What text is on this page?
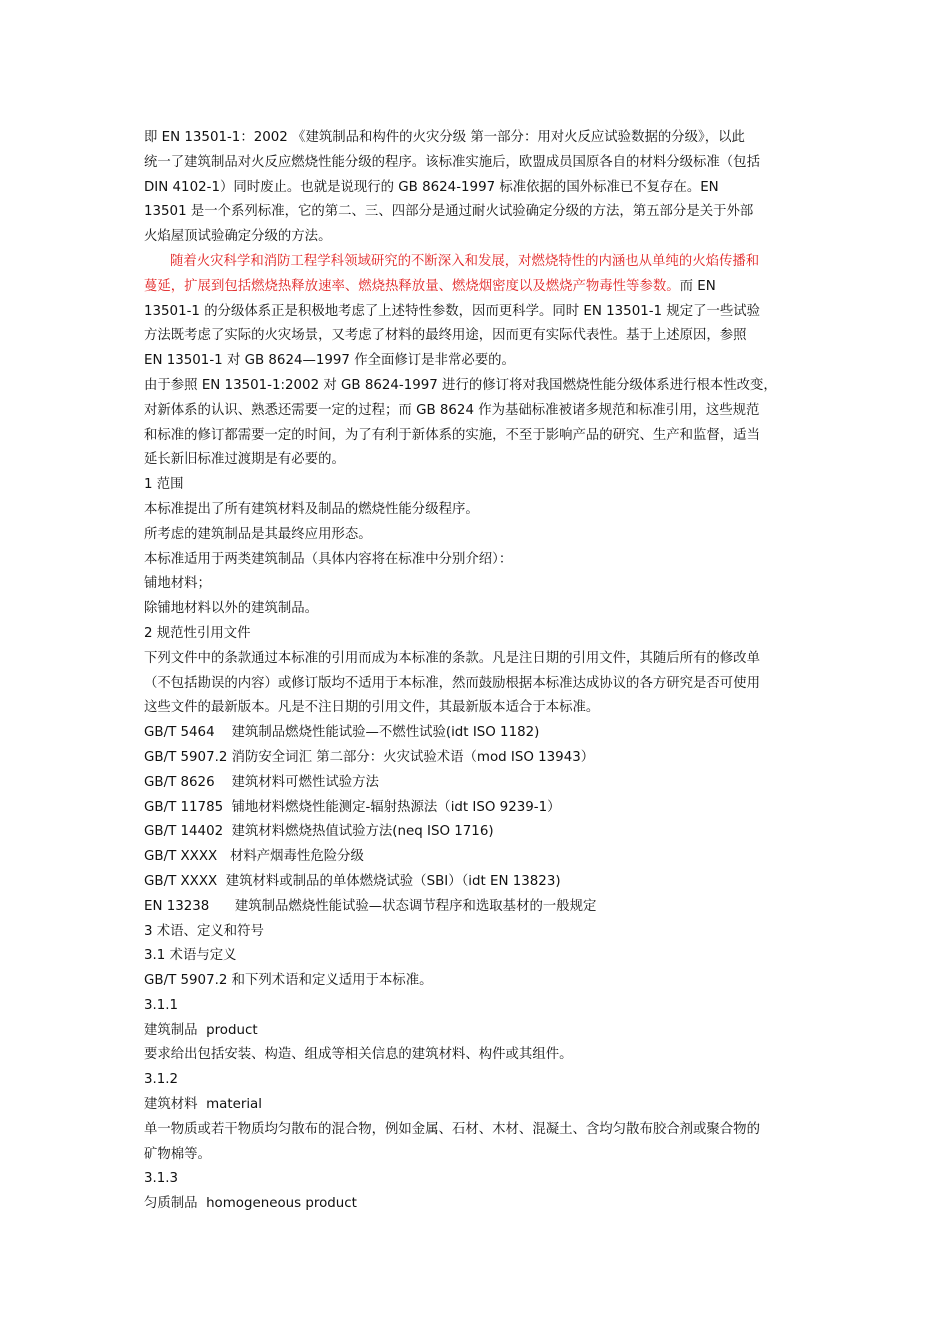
即 EN 13501-1：2002 《建筑制品和构件的火灾分级 第一部分：用对火反应试验数据的分级》，以此
统一了建筑制品对火反应燃烧性能分级的程序。该标准实施后，欧盟成员国原各自的材料分级标准（包括
DIN 4102-1）同时废止。也就是说现行的 GB 8624-1997 标准依据的国外标准已不复存在。EN
13501 是一个系列标准，它的第二、三、四部分是通过耐火试验确定分级的方法，第五部分是关于外部
火焰屋顶试验确定分级的方法。
随着火灾科学和消防工程学科领域研究的不断深入和发展，对燃烧特性的内涵也从单纯的火焰传播和
蔓延，扩展到包括燃烧热释放速率、燃烧热释放量、燃烧烟密度以及燃烧产物毒性等参数。而 EN
13501-1 的分级体系正是积极地考虑了上述特性参数，因而更科学。同时 EN 13501-1 规定了一些试验
方法既考虑了实际的火灾场景，又考虑了材料的最终用途，因而更有实际代表性。基于上述原因，参照
EN 13501-1 对 GB 8624—1997 作全面修订是非常必要的。
由于参照 EN 13501-1:2002 对 GB 8624-1997 进行的修订将对我国燃烧性能分级体系进行根本性改变，
对新体系的认识、熟悉还需要一定的过程；而 GB 8624 作为基础标准被诸多规范和标准引用，这些规范
和标准的修订都需要一定的时间，为了有利于新体系的实施，不至于影响产品的研究、生产和监督，适当
延长新旧标准过渡期是有必要的。
1 范围
本标准提出了所有建筑材料及制品的燃烧性能分级程序。
所考虑的建筑制品是其最终应用形态。
本标准适用于两类建筑制品（具体内容将在标准中分别介绍）：
铺地材料；
除铺地材料以外的建筑制品。
2 规范性引用文件
下列文件中的条款通过本标准的引用而成为本标准的条款。凡是注日期的引用文件，其随后所有的修改单
（不包括勘误的内容）或修订版均不适用于本标准，然而鼓励根据本标准达成协议的各方研究是否可使用
这些文件的最新版本。凡是不注日期的引用文件，其最新版本适合于本标准。
GB/T 5464    建筑制品燃烧性能试验—不燃性试验(idt ISO 1182)
GB/T 5907.2 消防安全词汇 第二部分：火灾试验术语（mod ISO 13943）
GB/T 8626    建筑材料可燃性试验方法
GB/T 11785  铺地材料燃烧性能测定-辐射热源法（idt ISO 9239-1）
GB/T 14402  建筑材料燃烧热值试验方法(neq ISO 1716)
GB/T XXXX   材料产烟毒性危险分级
GB/T XXXX  建筑材料或制品的单体燃烧试验（SBI）（idt EN 13823)
EN 13238      建筑制品燃烧性能试验—状态调节程序和选取基材的一般规定
3 术语、定义和符号
3.1 术语与定义
GB/T 5907.2 和下列术语和定义适用于本标准。
3.1.1
建筑制品  product
要求给出包括安装、构造、组成等相关信息的建筑材料、构件或其组件。
3.1.2
建筑材料  material
单一物质或若干物质均匀散布的混合物，例如金属、石材、木材、混凝土、含均匀散布胶合剂或聚合物的
矿物棉等。
3.1.3
匀质制品  homogeneous product
